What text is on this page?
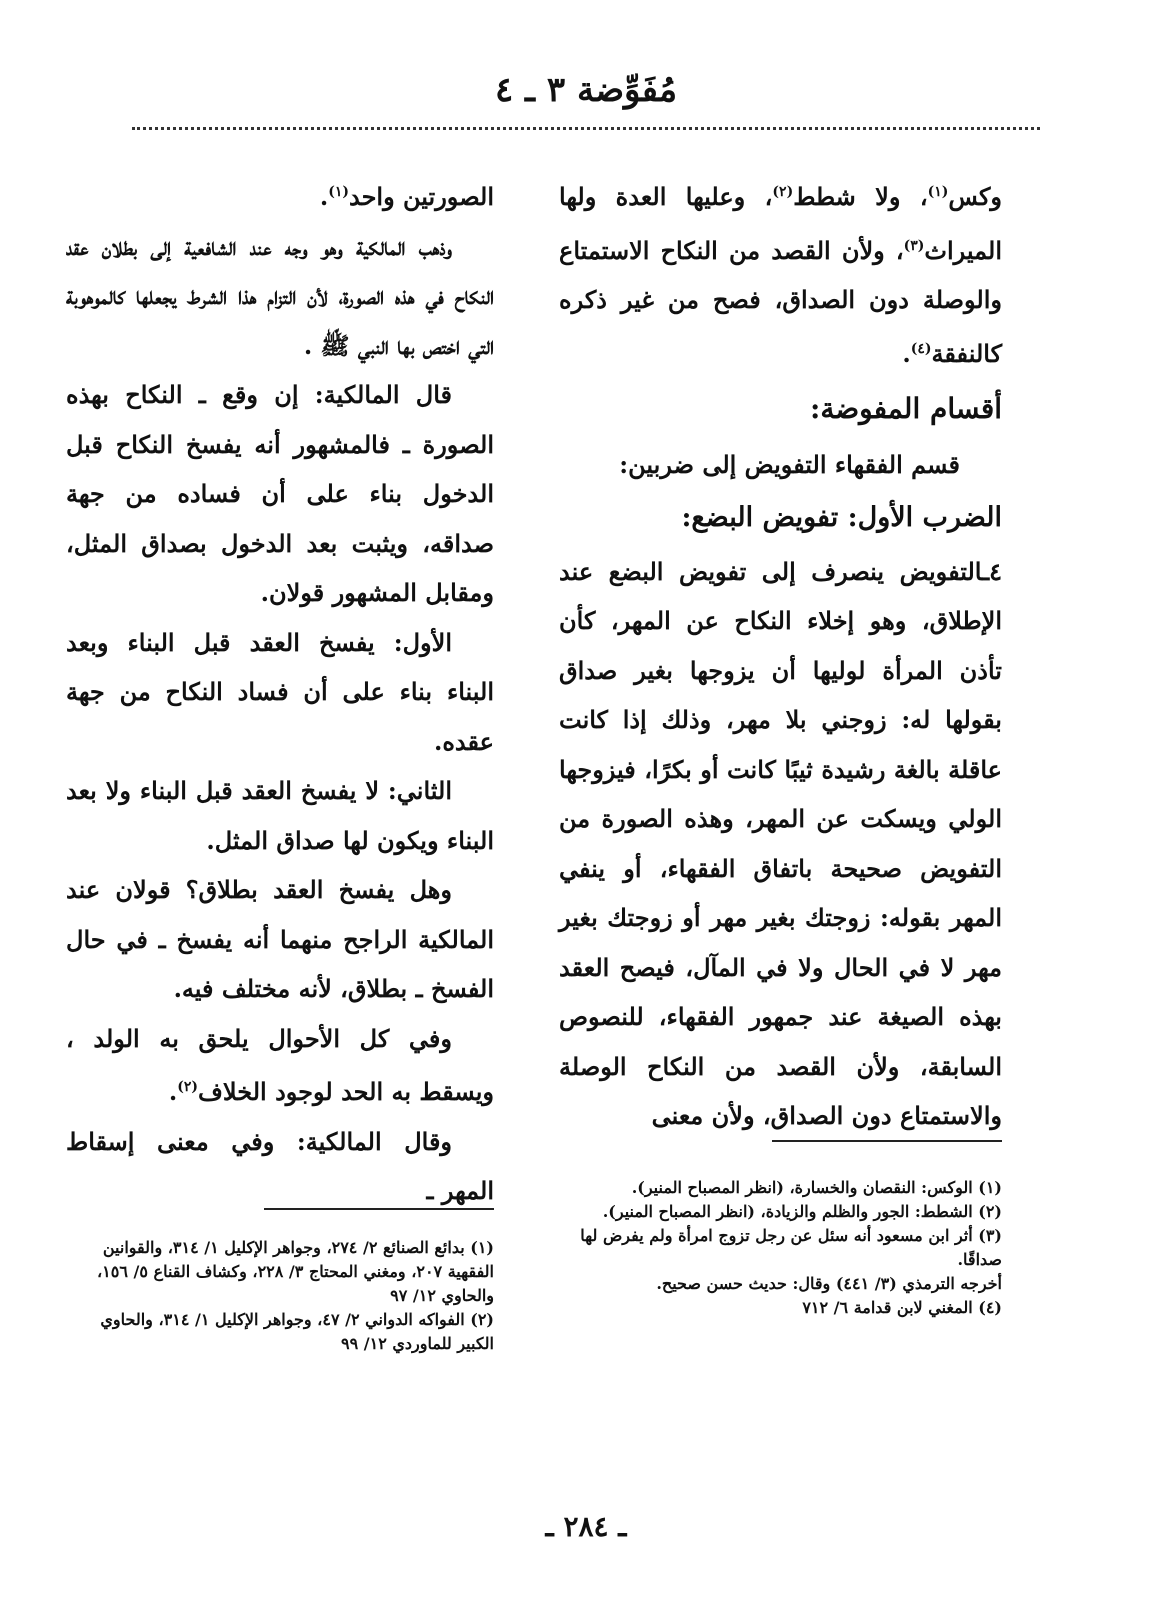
مُفَوِّضة ٣ ـ ٤

وكس$^{(١)}$، ولا شطط$^{(٢)}$، وعليها العدة ولها الميراث$^{(٣)}$، ولأن القصد من النكاح الاستمتاع والوصلة دون الصداق، فصح من غير ذكره كالنفقة$^{(٤)}$.

أقسام المفوضة:

قسم الفقهاء التفويض إلى ضربين:

الضرب الأول: تفويض البضع:

٤ـالتفويض ينصرف إلى تفويض البضع عند الإطلاق، وهو إخلاء النكاح عن المهر، كأن تأذن المرأة لوليها أن يزوجها بغير صداق بقولها له: زوجني بلا مهر، وذلك إذا كانت عاقلة بالغة رشيدة ثيبًا كانت أو بكرًا، فيزوجها الولي ويسكت عن المهر، وهذه الصورة من التفويض صحيحة باتفاق الفقهاء، أو ينفي المهر بقوله: زوجتك بغير مهر أو زوجتك بغير مهر لا في الحال ولا في المآل، فيصح العقد بهذه الصيغة عند جمهور الفقهاء، للنصوص السابقة، ولأن القصد من النكاح الوصلة والاستمتاع دون الصداق، ولأن معنى

الصورتين واحد$^{(١)}$.

وذهب المالكية وهو وجه عند الشافعية إلى بطلان عقد النكاح في هذه الصورة، لأن التزام هذا الشرط يجعلها كالموهوبة التي اختص بها النبي ﷺ .

قال المالكية: إن وقع ـ النكاح بهذه الصورة ـ فالمشهور أنه يفسخ النكاح قبل الدخول بناء على أن فساده من جهة صداقه، ويثبت بعد الدخول بصداق المثل، ومقابل المشهور قولان.

الأول: يفسخ العقد قبل البناء وبعد البناء بناء على أن فساد النكاح من جهة عقده.

الثاني: لا يفسخ العقد قبل البناء ولا بعد البناء ويكون لها صداق المثل.

وهل يفسخ العقد بطلاق؟ قولان عند المالكية الراجح منهما أنه يفسخ ـ في حال الفسخ ـ بطلاق، لأنه مختلف فيه.

وفي كل الأحوال يلحق به الولد ، ويسقط به الحد لوجود الخلاف$^{(٢)}$.

وقال المالكية: وفي معنى إسقاط المهر ـ	(١) الوكس: النقصان والخسارة، (انظر المصباح المنير).

(٢) الشطط: الجور والظلم والزيادة، (انظر المصباح المنير).

(٣) أثر ابن مسعود أنه سئل عن رجل تزوج امرأة ولم يفرض لها صداقًا.

أخرجه الترمذي (٣/ ٤٤١) وقال: حديث حسن صحيح.

(٤) المغني لابن قدامة ٦/ ٧١٢

(١) بدائع الصنائع ٢/ ٢٧٤، وجواهر الإكليل ١/ ٣١٤، والقوانين الفقهية ٢٠٧، ومغني المحتاج ٣/ ٢٢٨، وكشاف القناع ٥/ ١٥٦، والحاوي ١٢/ ٩٧

(٢) الفواكه الدواني ٢/ ٤٧، وجواهر الإكليل ١/ ٣١٤، والحاوي الكبير للماوردي ١٢/ ٩٩

ـ ٢٨٤ ـ
